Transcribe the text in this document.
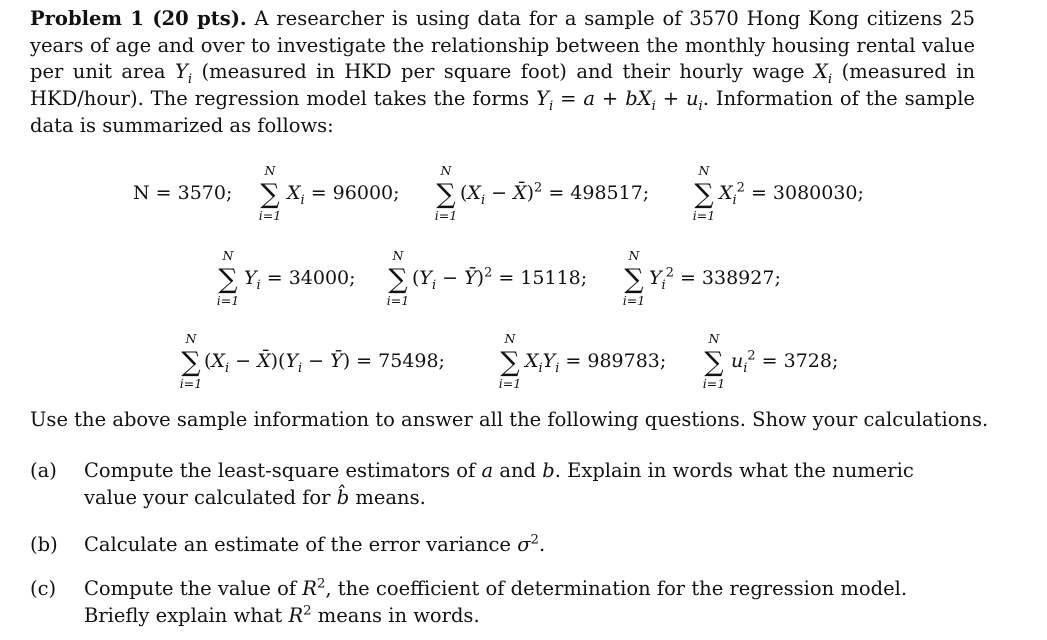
Problem 1 (20 pts). A researcher is using data for a sample of 3570 Hong Kong citizens 25 years of age and over to investigate the relationship between the monthly housing rental value per unit area $Y_i$ (measured in HKD per square foot) and their hourly wage $X_i$ (measured in HKD/hour). The regression model takes the forms $Y_i = a + bX_i + u_i$. Information of the sample data is summarized as follows:
N = 3570;
N
∑
i=1
$X_i = 96000$;
N
∑
i=1
($X_i$ − X̄)$^2$ = 498517;
N
∑
i=1
$X_i^2 = 3080030$;
N
∑
i=1
$Y_i = 34000$;
N
∑
i=1
($Y_i$ − Ȳ)$^2$ = 15118;
N
∑
i=1
$Y_i^2 = 338927$;
N
∑
i=1
($X_i$ − $X̄)(Y_i$ − Ȳ) = 75498;
N
∑
i=1
$X_iY_i = 989783$;
N
∑
i=1
$u_i^2 = 3728$;
Use the above sample information to answer all the following questions. Show your calculations.
(a)	Compute the least-square estimators of a and b. Explain in words what the numeric value your calculated for b̂ means.
(b)	Calculate an estimate of the error variance $\sigma^2$.
(c)	Compute the value of $R^2$, the coefficient of determination for the regression model. Briefly explain what $R^2$ means in words.
